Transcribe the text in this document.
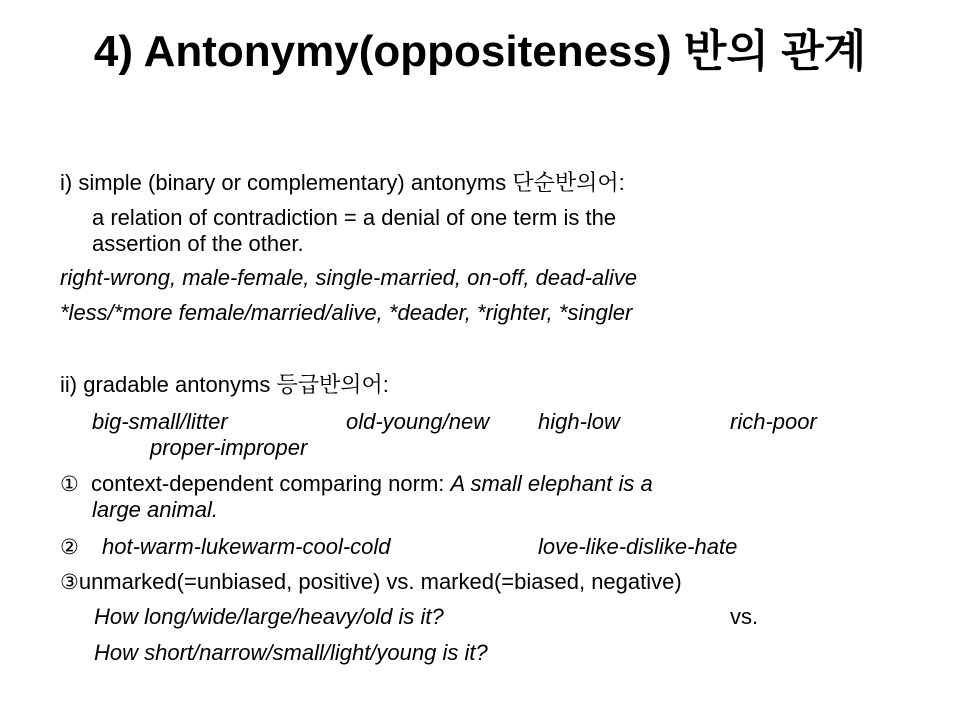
4) Antonymy(oppositeness) 반의 관계
i) simple (binary or complementary) antonyms 단순반의어:
a relation of contradiction = a denial of one term is the
assertion of the other.
right-wrong, male-female, single-married, on-off, dead-alive
*less/*more female/married/alive, *deader, *righter, *singler
ii) gradable antonyms 등급반의어:
big-small/litter	old-young/new high-low	rich-poor
proper-improper
① context-dependent comparing norm: A small elephant is a
large animal.
② hot-warm-lukewarm-cool-cold	love-like-dislike-hate
③unmarked(=unbiased, positive) vs. marked(=biased, negative)
How long/wide/large/heavy/old is it?	vs.
How short/narrow/small/light/young is it?
